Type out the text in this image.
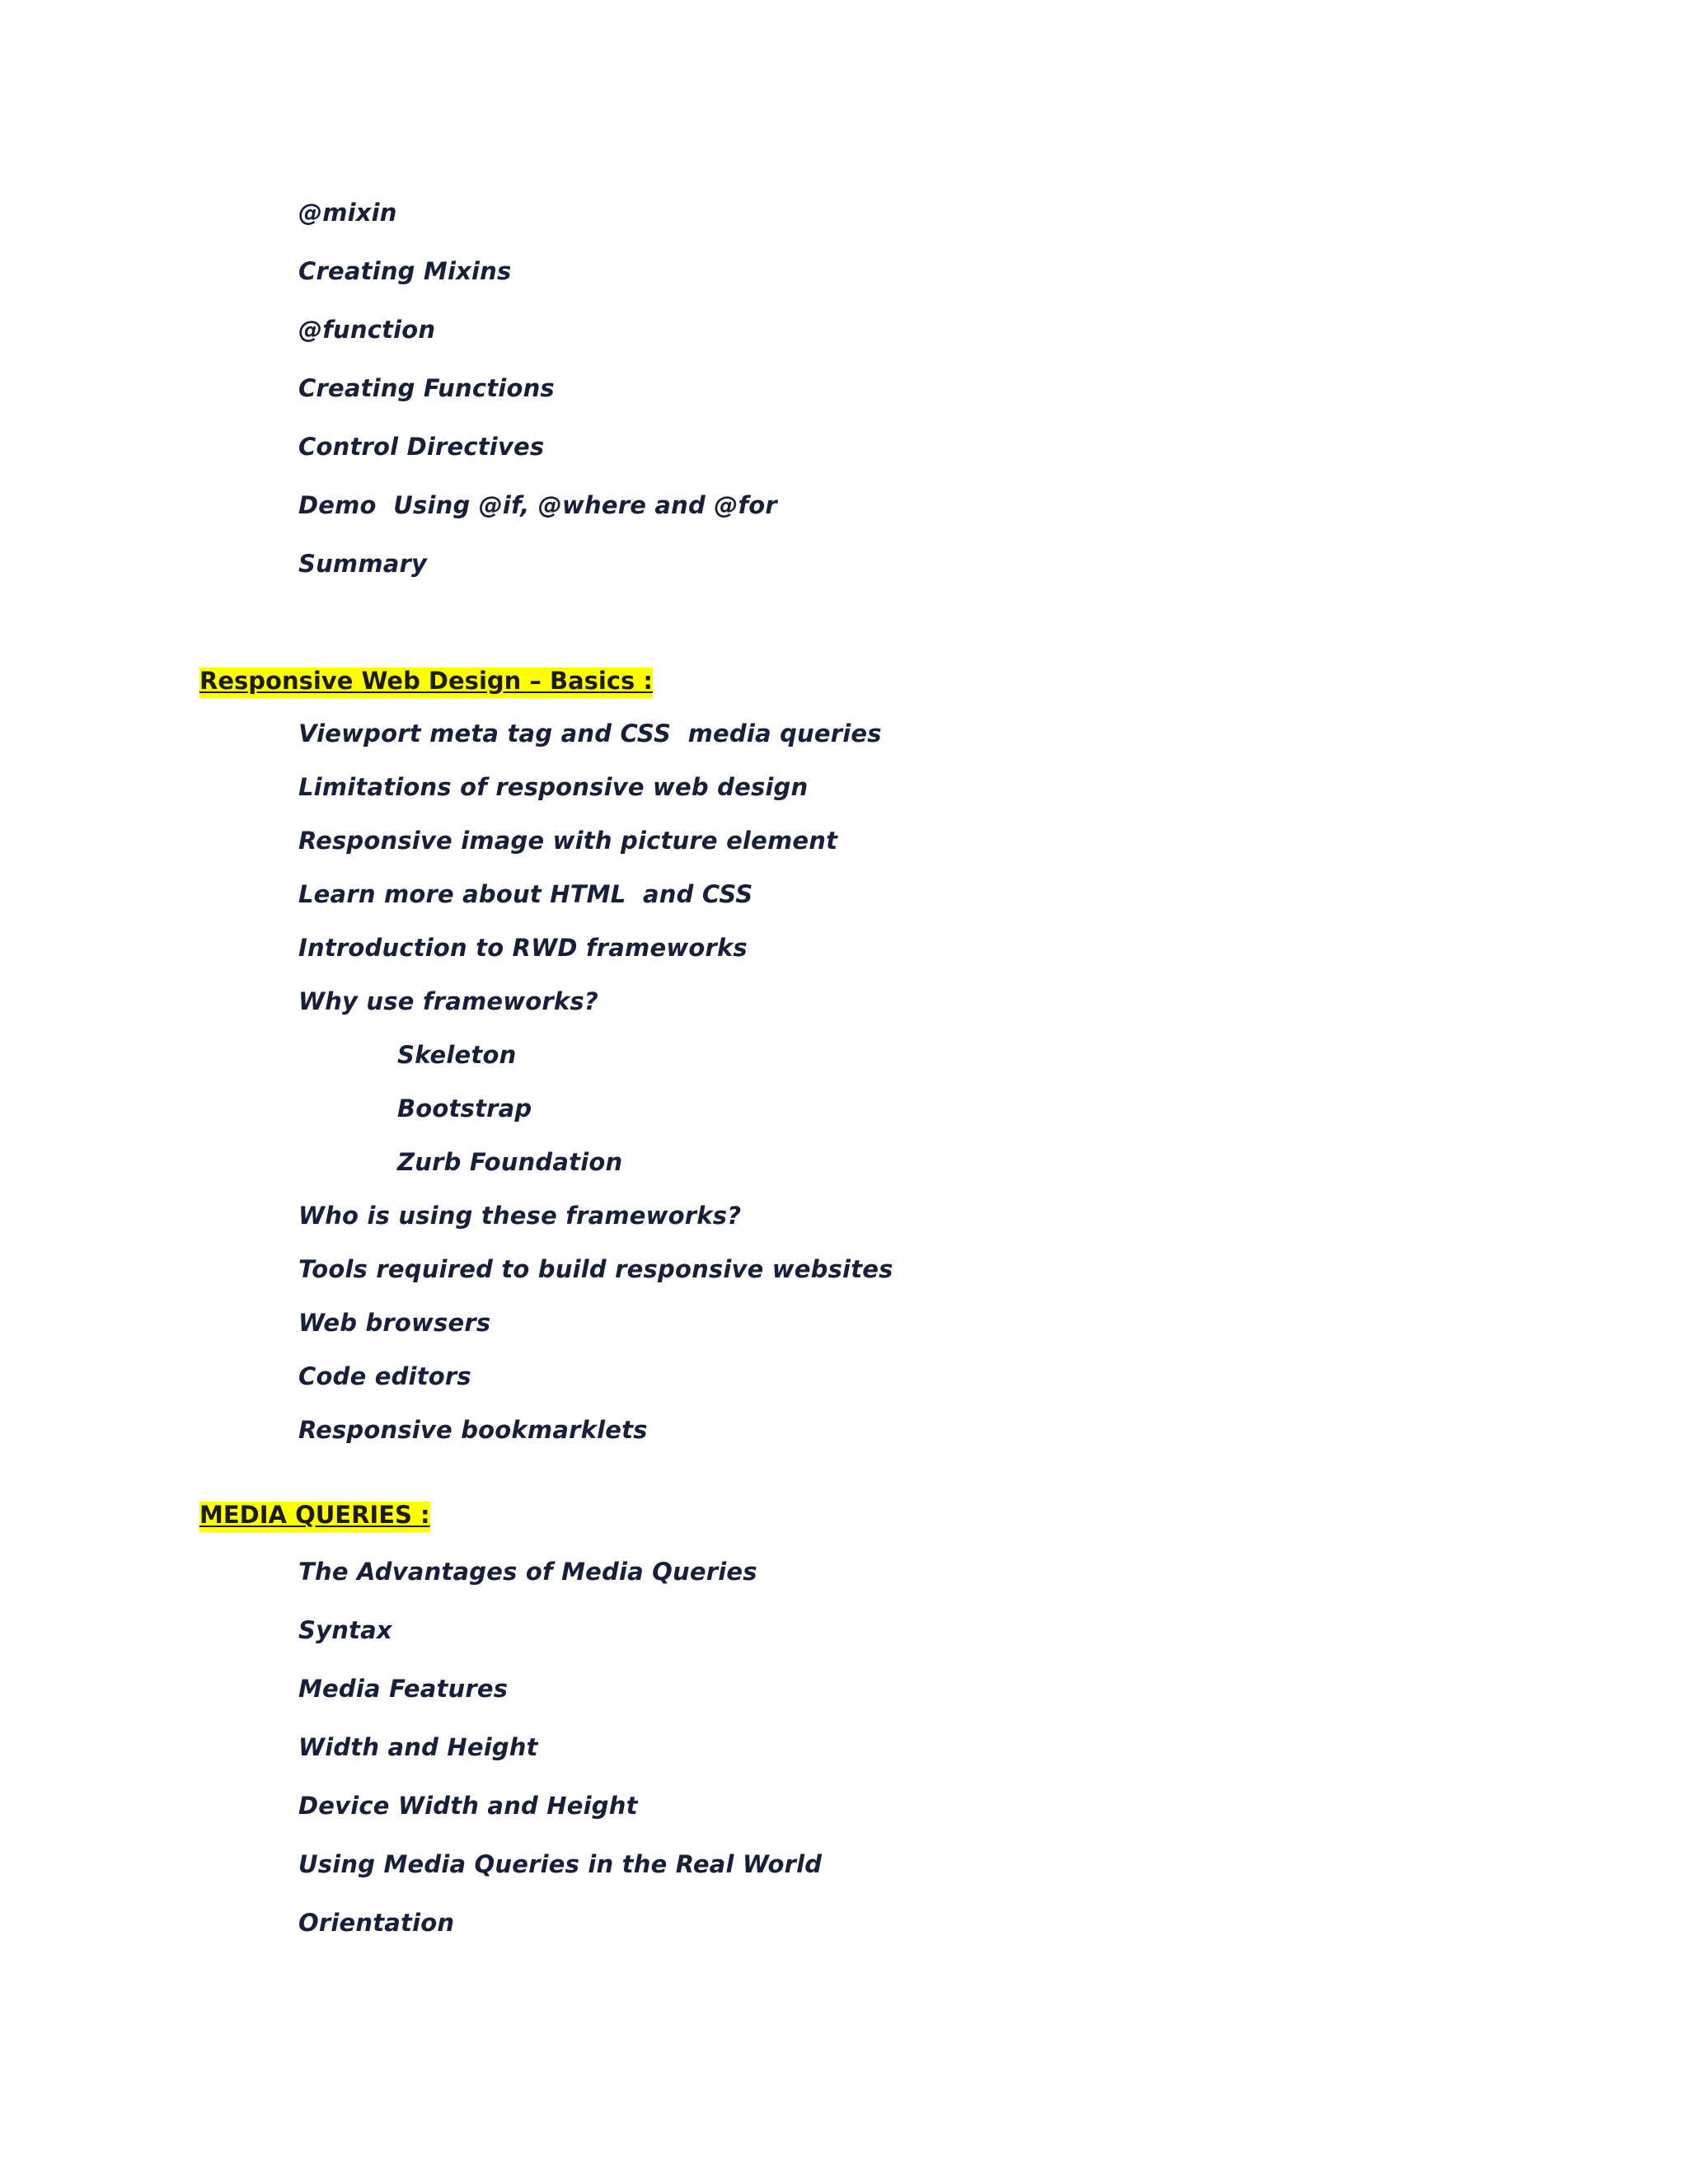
@mixin
Creating Mixins
@function
Creating Functions
Control Directives
Demo  Using @if, @where and @for
Summary
Responsive Web Design – Basics :
Viewport meta tag and CSS  media queries
Limitations of responsive web design
Responsive image with picture element
Learn more about HTML  and CSS
Introduction to RWD frameworks
Why use frameworks?
Skeleton
Bootstrap
Zurb Foundation
Who is using these frameworks?
Tools required to build responsive websites
Web browsers
Code editors
Responsive bookmarklets
MEDIA QUERIES :
The Advantages of Media Queries
Syntax
Media Features
Width and Height
Device Width and Height
Using Media Queries in the Real World
Orientation
